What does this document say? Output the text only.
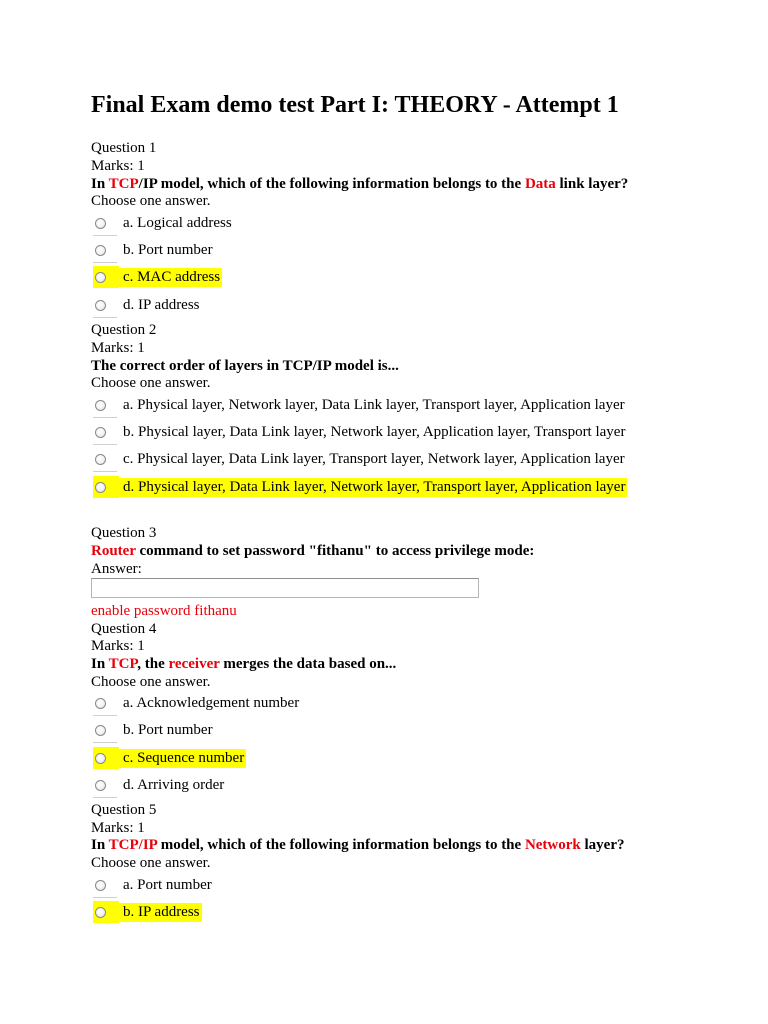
Final Exam demo test Part I: THEORY - Attempt 1
Question 1
Marks: 1
In TCP/IP model, which of the following information belongs to the Data link layer?
Choose one answer.
a. Logical address
b. Port number
c. MAC address
d. IP address
Question 2
Marks: 1
The correct order of layers in TCP/IP model is...
Choose one answer.
a. Physical layer, Network layer, Data Link layer, Transport layer, Application layer
b. Physical layer, Data Link layer, Network layer, Application layer, Transport layer
c. Physical layer, Data Link layer, Transport layer, Network layer, Application layer
d. Physical layer, Data Link layer, Network layer, Transport layer, Application layer
Question 3
Router command to set password "fithanu" to access privilege mode:
Answer:
enable password fithanu
Question 4
Marks: 1
In TCP, the receiver merges the data based on...
Choose one answer.
a. Acknowledgement number
b. Port number
c. Sequence number
d. Arriving order
Question 5
Marks: 1
In TCP/IP model, which of the following information belongs to the Network layer?
Choose one answer.
a. Port number
b. IP address
